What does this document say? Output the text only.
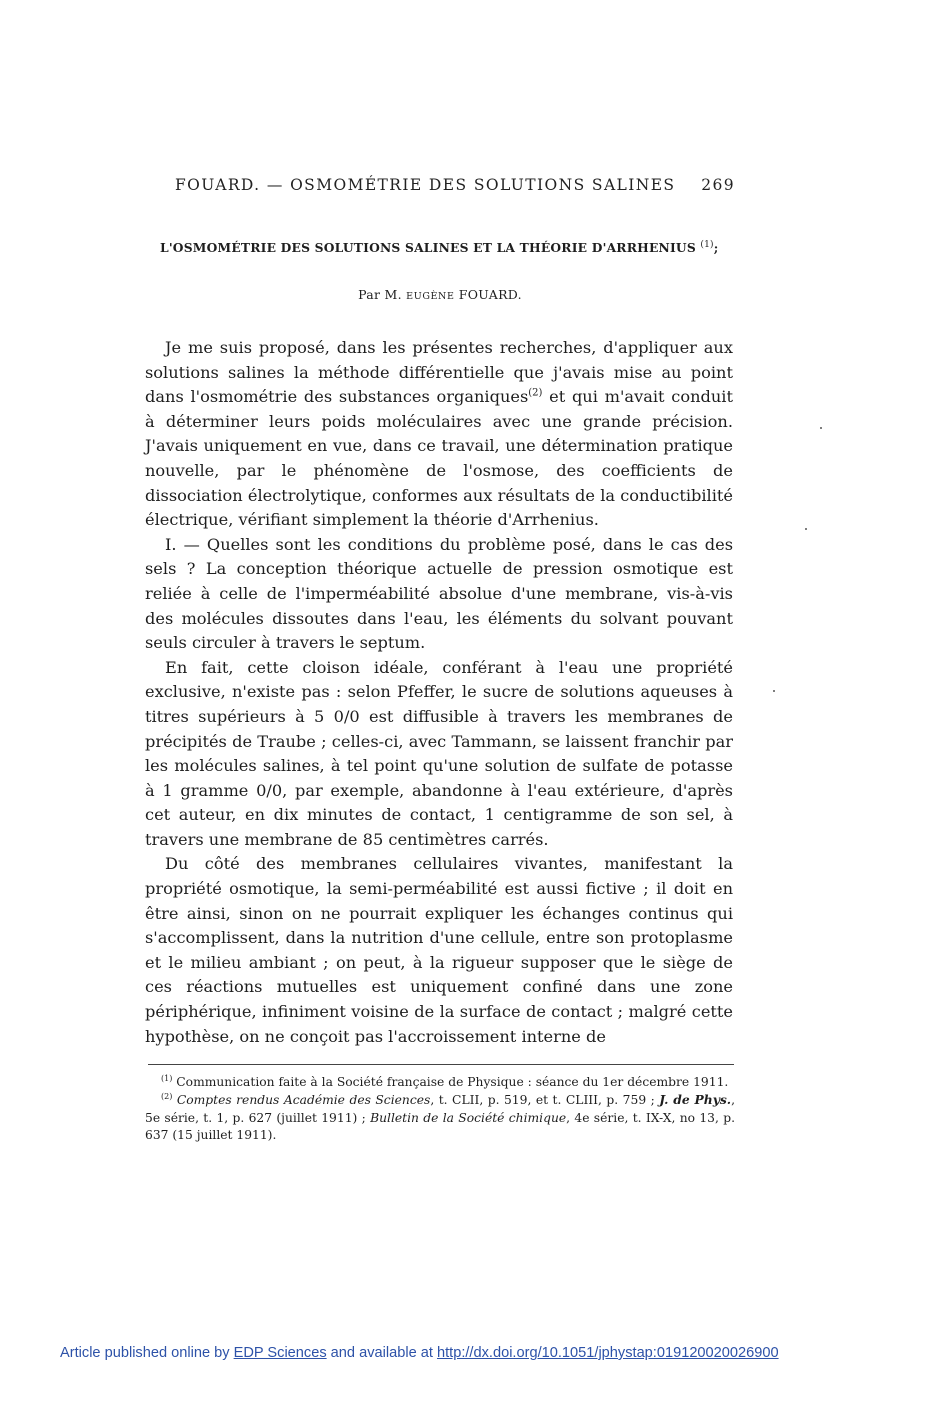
FOUARD. — OSMOMÉTRIE DES SOLUTIONS SALINES 269
L'OSMOMÉTRIE DES SOLUTIONS SALINES ET LA THÉORIE D'ARRHENIUS $^{(1)}$;
Par M. EUGÈNE FOUARD.

Je me suis proposé, dans les présentes recherches, d'appliquer aux solutions salines la méthode différentielle que j'avais mise au point dans l'osmométrie des substances organiques$^{(2)}$ et qui m'avait conduit à déterminer leurs poids moléculaires avec une grande précision. J'avais uniquement en vue, dans ce travail, une détermination pratique nouvelle, par le phénomène de l'osmose, des coefficients de dissociation électrolytique, conformes aux résultats de la conductibilité électrique, vérifiant simplement la théorie d'Arrhenius.

I. — Quelles sont les conditions du problème posé, dans le cas des sels ? La conception théorique actuelle de pression osmotique est reliée à celle de l'imperméabilité absolue d'une membrane, vis-à-vis des molécules dissoutes dans l'eau, les éléments du solvant pouvant seuls circuler à travers le septum.

En fait, cette cloison idéale, conférant à l'eau une propriété exclusive, n'existe pas : selon Pfeffer, le sucre de solutions aqueuses à titres supérieurs à 5 0/0 est diffusible à travers les membranes de précipités de Traube ; celles-ci, avec Tammann, se laissent franchir par les molécules salines, à tel point qu'une solution de sulfate de potasse à 1 gramme 0/0, par exemple, abandonne à l'eau extérieure, d'après cet auteur, en dix minutes de contact, 1 centigramme de son sel, à travers une membrane de 85 centimètres carrés.

Du côté des membranes cellulaires vivantes, manifestant la propriété osmotique, la semi-perméabilité est aussi fictive ; il doit en être ainsi, sinon on ne pourrait expliquer les échanges continus qui s'accomplissent, dans la nutrition d'une cellule, entre son protoplasme et le milieu ambiant ; on peut, à la rigueur supposer que le siège de ces réactions mutuelles est uniquement confiné dans une zone périphérique, infiniment voisine de la surface de contact ; malgré cette hypothèse, on ne conçoit pas l'accroissement interne de

$^{(1)}$ Communication faite à la Société française de Physique : séance du 1er décembre 1911.

$^{(2)}$ Comptes rendus Académie des Sciences, t. CLII, p. 519, et t. CLIII, p. 759 ; J. de Phys., 5e série, t. 1, p. 627 (juillet 1911) ; Bulletin de la Société chimique, 4e série, t. IX-X, no 13, p. 637 (15 juillet 1911).

Article published online by EDP Sciences and available at http://dx.doi.org/10.1051/jphystap:019120020026900
